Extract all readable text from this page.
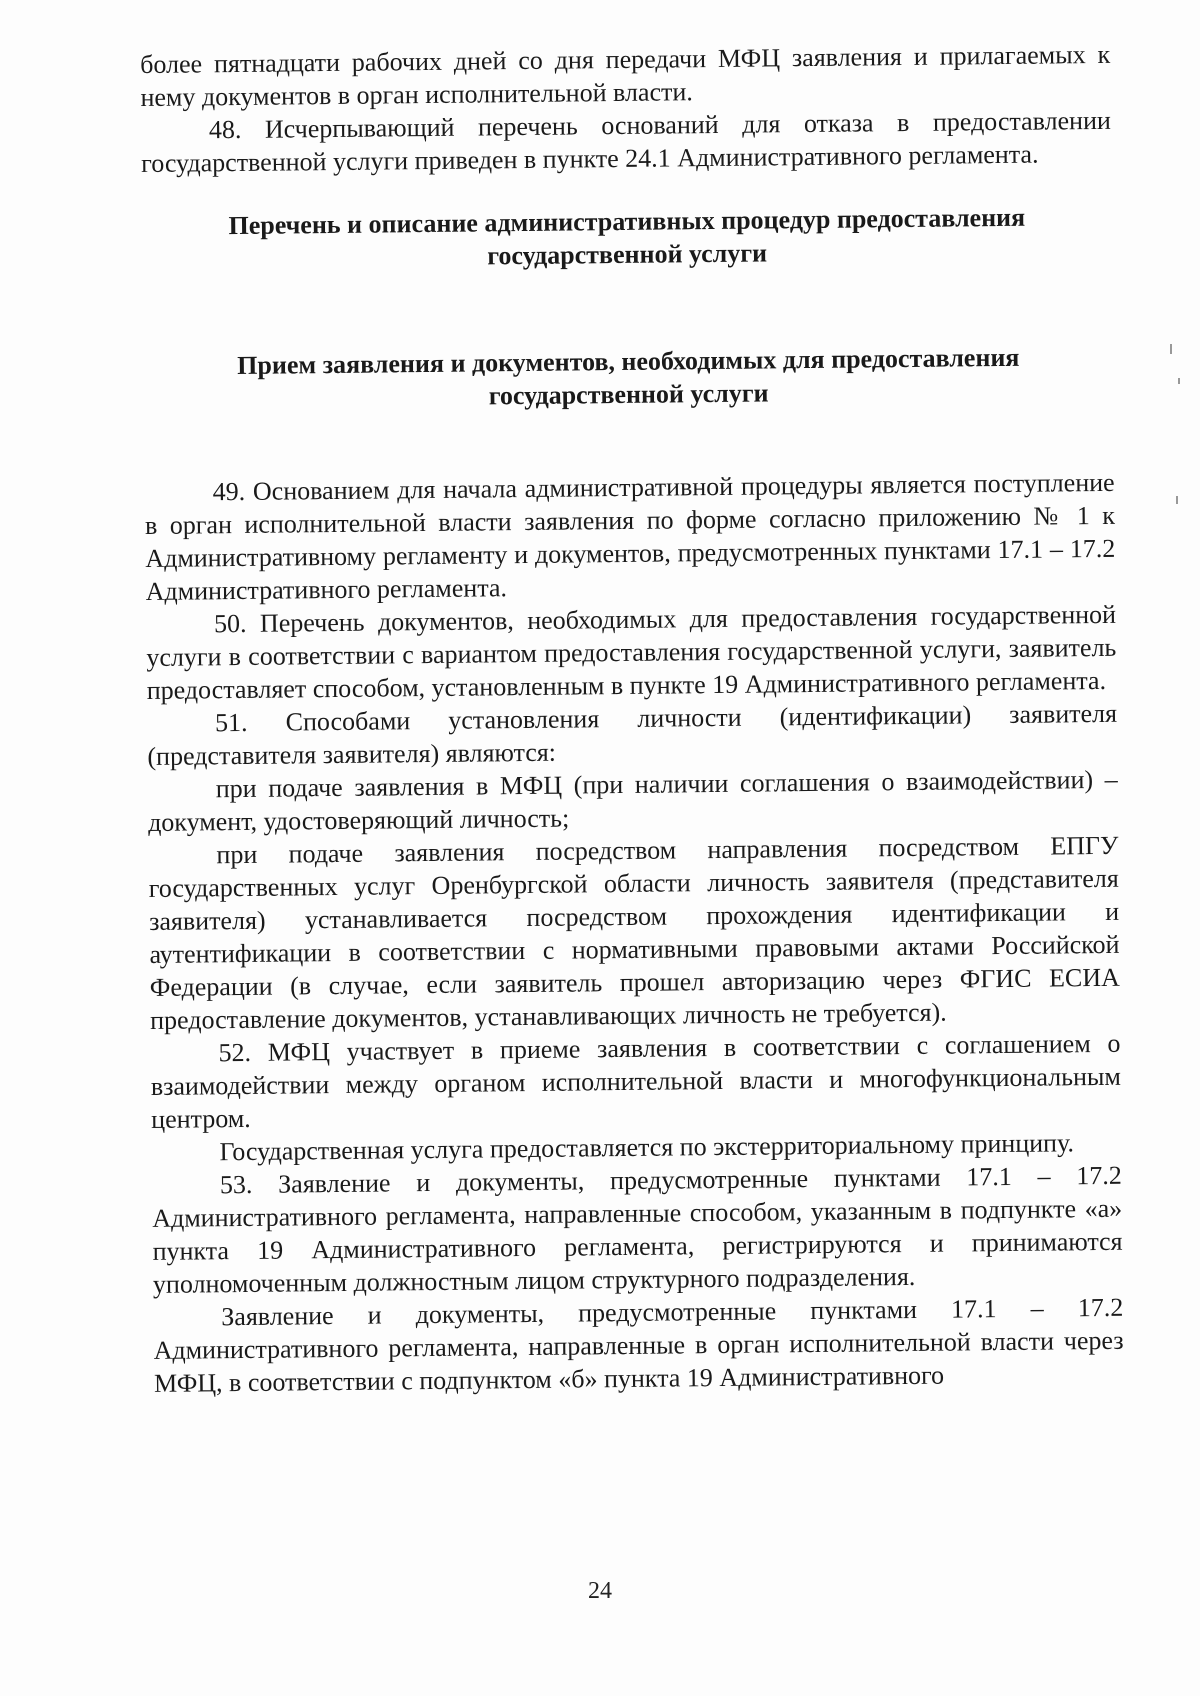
более пятнадцати рабочих дней со дня передачи МФЦ заявления и прилагаемых к нему документов в орган исполнительной власти.

48. Исчерпывающий перечень оснований для отказа в предоставлении государственной услуги приведен в пункте 24.1 Административного регламента.

Перечень и описание административных процедур предоставления государственной услуги
Прием заявления и документов, необходимых для предоставления государственной услуги

49. Основанием для начала административной процедуры является поступление в орган исполнительной власти заявления по форме согласно приложению № 1 к Административному регламенту и документов, предусмотренных пунктами 17.1 – 17.2 Административного регламента.

50. Перечень документов, необходимых для предоставления государственной услуги в соответствии с вариантом предоставления государственной услуги, заявитель предоставляет способом, установленным в пункте 19 Административного регламента.

51. Способами установления личности (идентификации) заявителя (представителя заявителя) являются:

при подаче заявления в МФЦ (при наличии соглашения о взаимодействии) – документ, удостоверяющий личность;

при подаче заявления посредством направления посредством ЕПГУ государственных услуг Оренбургской области личность заявителя (представителя заявителя) устанавливается посредством прохождения идентификации и аутентификации в соответствии с нормативными правовыми актами Российской Федерации (в случае, если заявитель прошел авторизацию через ФГИС ЕСИА предоставление документов, устанавливающих личность не требуется).

52. МФЦ участвует в приеме заявления в соответствии с соглашением о взаимодействии между органом исполнительной власти и многофункциональным центром.

Государственная услуга предоставляется по экстерриториальному принципу.

53. Заявление и документы, предусмотренные пунктами 17.1 – 17.2 Административного регламента, направленные способом, указанным в подпункте «а» пункта 19 Административного регламента, регистрируются и принимаются уполномоченным должностным лицом структурного подразделения.

Заявление и документы, предусмотренные пунктами 17.1 – 17.2 Административного регламента, направленные в орган исполнительной власти через МФЦ, в соответствии с подпунктом «б» пункта 19 Административного

24
